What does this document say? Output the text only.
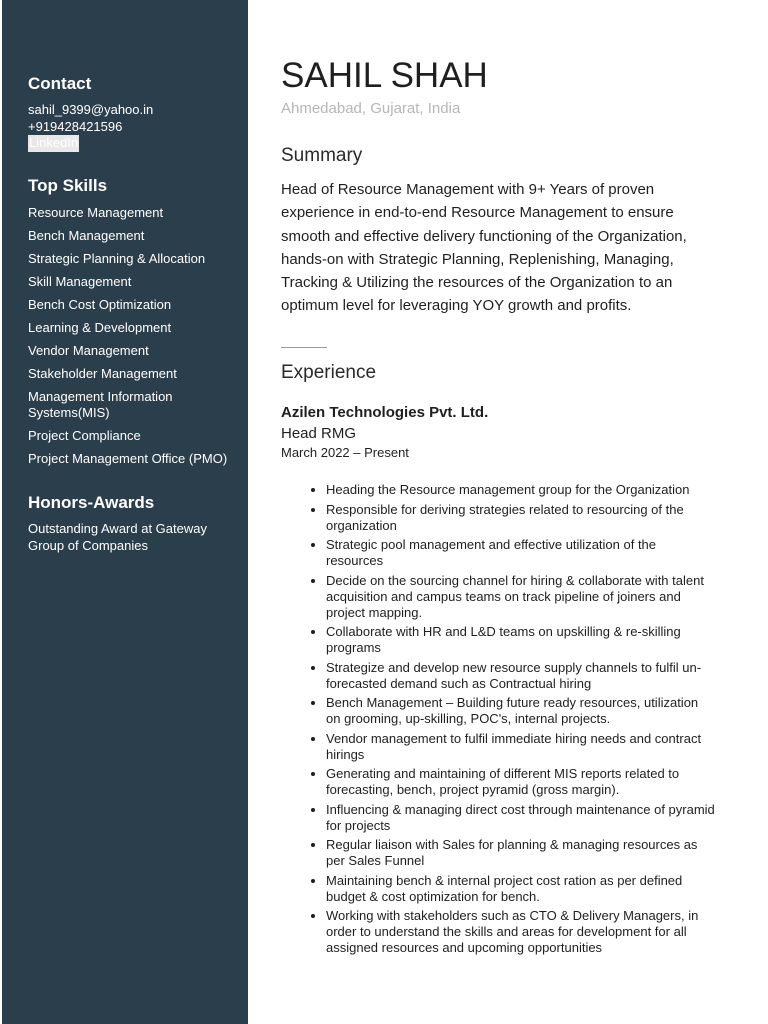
Contact
sahil_9399@yahoo.in
+919428421596
LinkedIn
Top Skills
Resource Management
Bench Management
Strategic Planning & Allocation
Skill Management
Bench Cost Optimization
Learning & Development
Vendor Management
Stakeholder Management
Management Information Systems(MIS)
Project Compliance
Project Management Office (PMO)
Honors-Awards
Outstanding Award at Gateway Group of Companies
SAHIL SHAH
Ahmedabad, Gujarat, India
Summary
Head of Resource Management with 9+ Years of proven experience in end-to-end Resource Management to ensure smooth and effective delivery functioning of the Organization, hands-on with Strategic Planning, Replenishing, Managing, Tracking & Utilizing the resources of the Organization to an optimum level for leveraging YOY growth and profits.
Experience
Azilen Technologies Pvt. Ltd.
Head RMG
March 2022 – Present
• Heading the Resource management group for the Organization
• Responsible for deriving strategies related to resourcing of the organization
• Strategic pool management and effective utilization of the resources
• Decide on the sourcing channel for hiring & collaborate with talent acquisition and campus teams on track pipeline of joiners and project mapping.
• Collaborate with HR and L&D teams on upskilling & re-skilling programs
• Strategize and develop new resource supply channels to fulfil un-forecasted demand such as Contractual hiring
• Bench Management – Building future ready resources, utilization on grooming, up-skilling, POC's, internal projects.
• Vendor management to fulfil immediate hiring needs and contract hirings
• Generating and maintaining of different MIS reports related to forecasting, bench, project pyramid (gross margin).
• Influencing & managing direct cost through maintenance of pyramid for projects
• Regular liaison with Sales for planning & managing resources as per Sales Funnel
• Maintaining bench & internal project cost ration as per defined budget & cost optimization for bench.
• Working with stakeholders such as CTO & Delivery Managers, in order to understand the skills and areas for development for all assigned resources and upcoming opportunities
